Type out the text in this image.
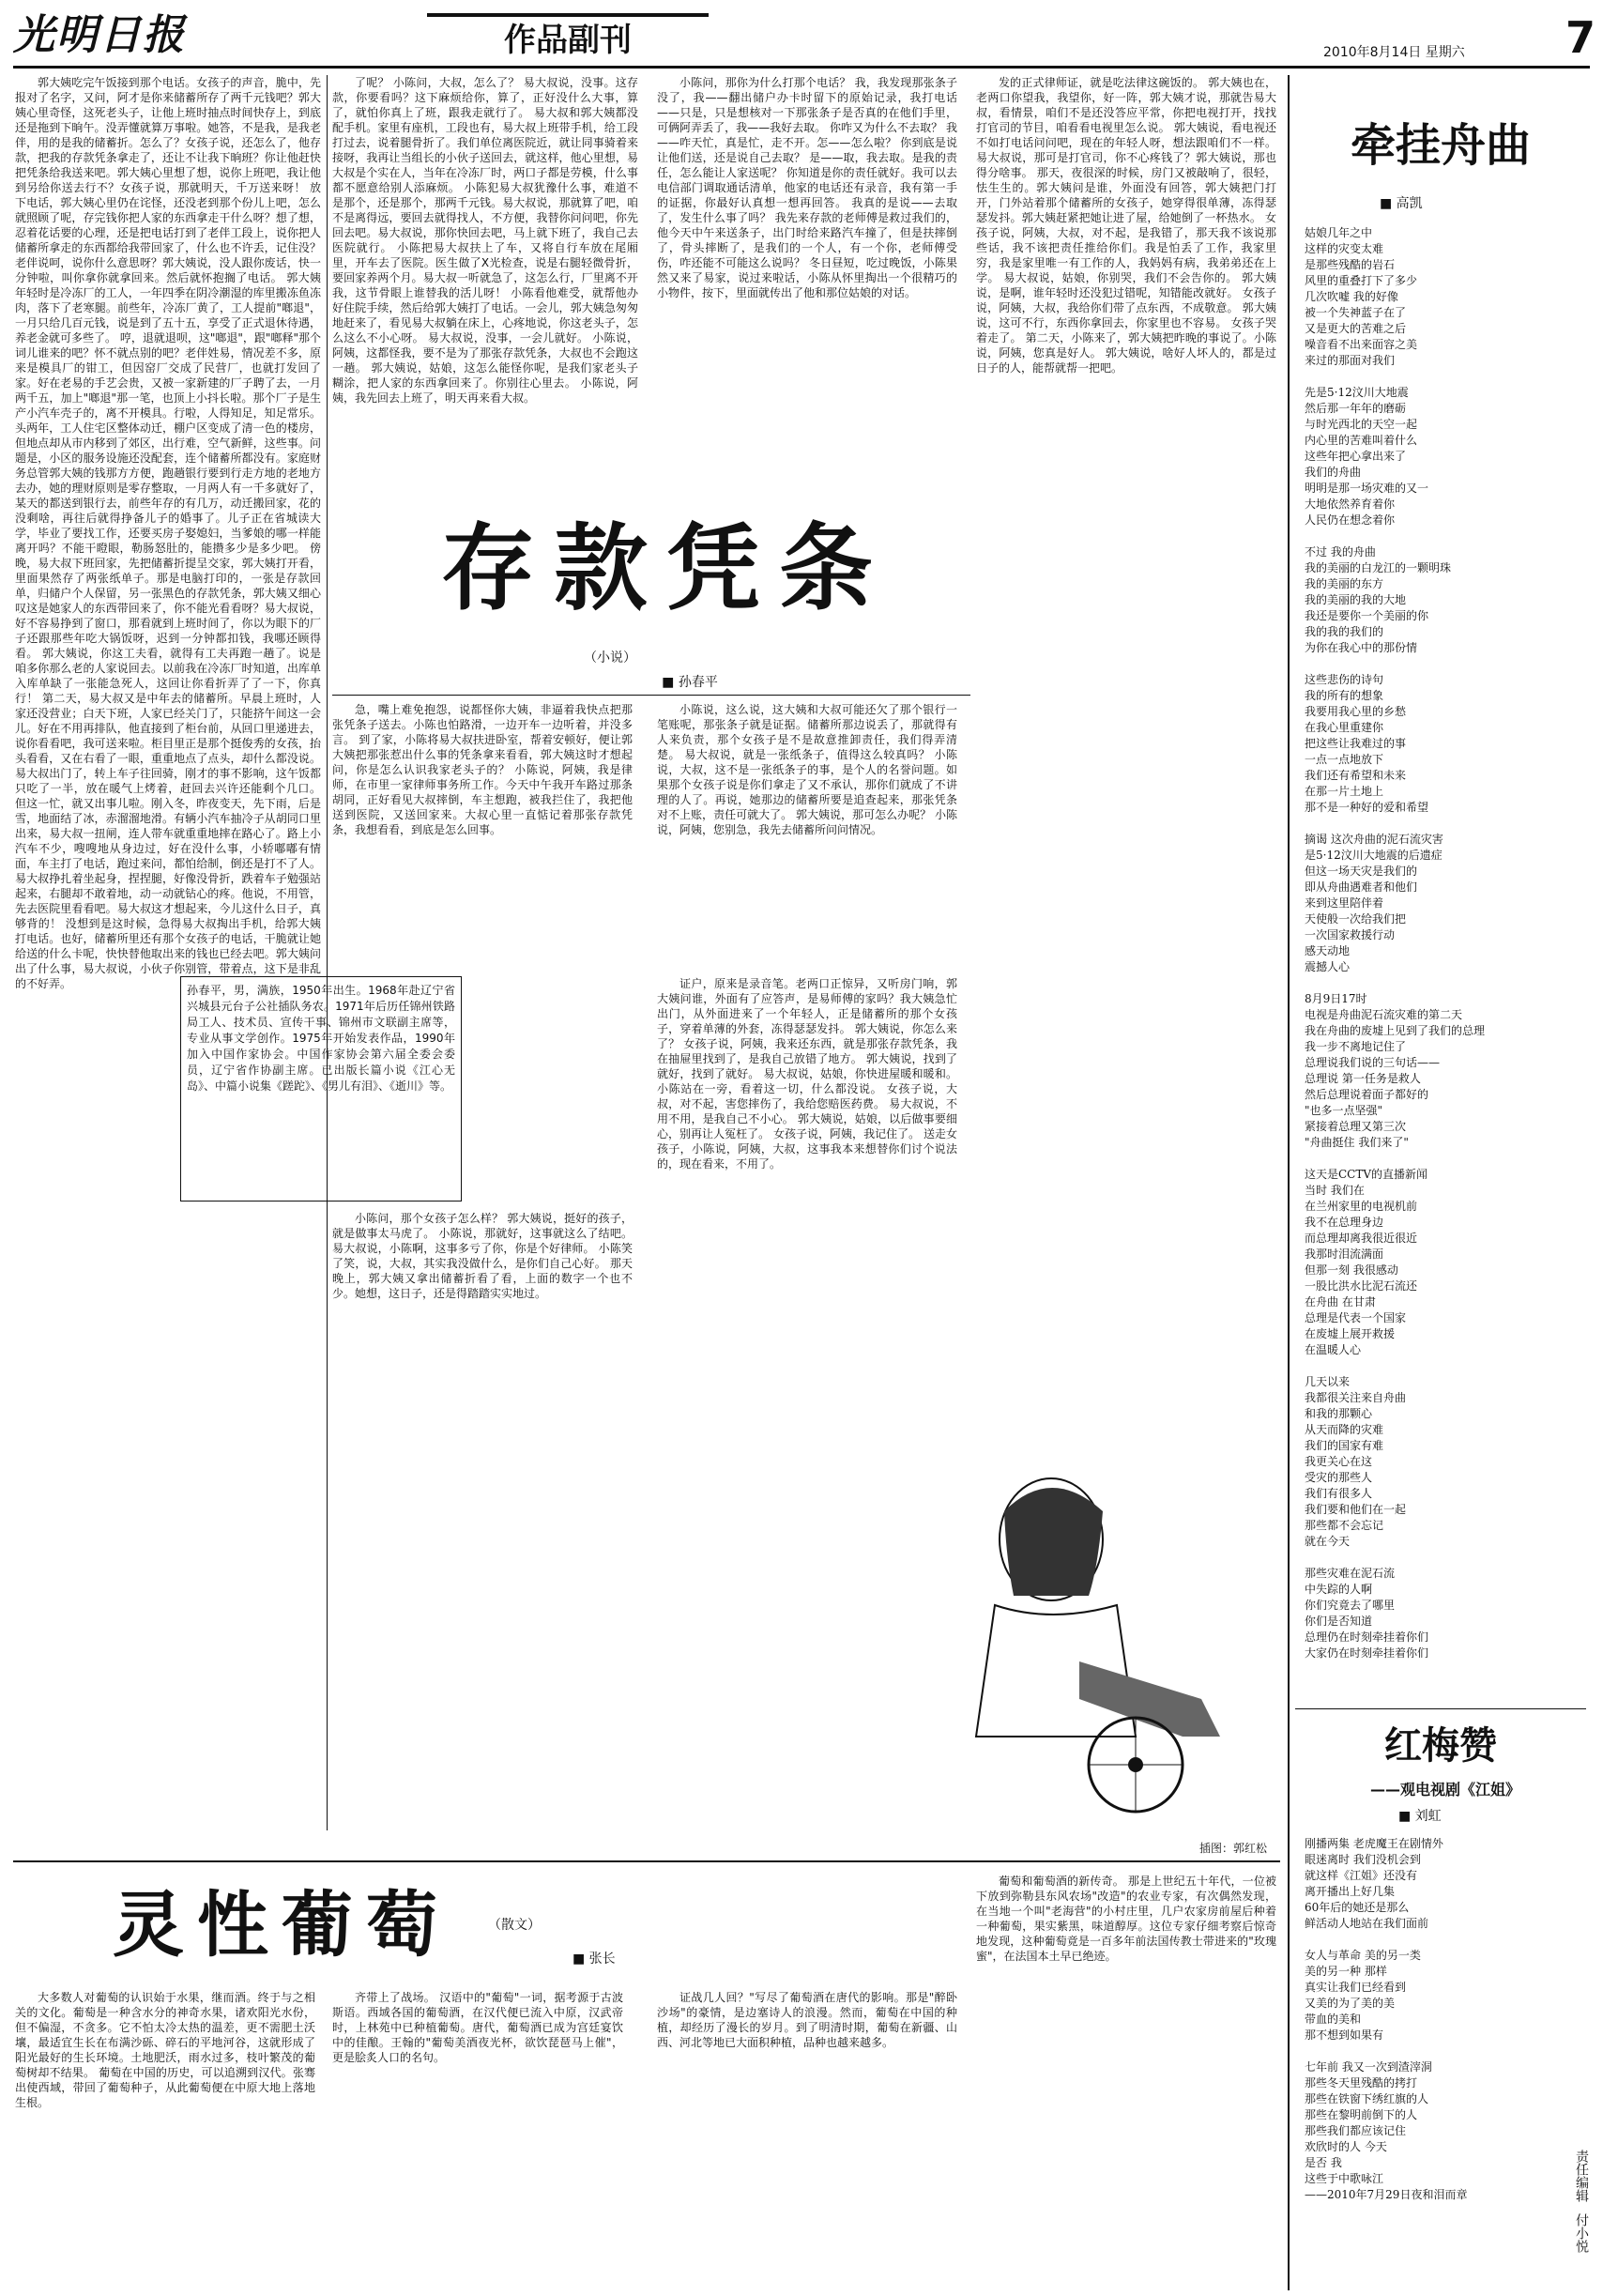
光明日报	作品副刊	2010年8月14日 星期六	7

郭大姨吃完午饭接到那个电话。女孩子的声音，脆中，先报对了名字，又问，阿才是你来储蓄所存了两千元钱吧？郭大姨心里奇怪，这死老头子，让他上班时抽点时间快存上，到底还是拖到下晌午。没弄懂就算万事啦。她答，不是我，是我老伴，用的是我的储蓄折。怎么了？女孩子说，还怎么了，他存款，把我的存款凭条拿走了，还让不让我下晌班？你让他赶快把凭条给我送来吧。郭大姨心里想了想，说你上班吧，我让他到另给你送去行不？女孩子说，那就明天，千万送来呀！ 放下电话，郭大姨心里仍在诧怪，还没老到那个份儿上吧，怎么就照顾了呢，存完钱你把人家的东西拿走干什么呀？想了想，忍着花话要的心理，还是把电话打到了老伴工段上，说你把人储蓄所拿走的东西都给我带回家了，什么也不许丢，记住没？老伴说呵，说你什么意思呀？郭大姨说，没人跟你废话，快一分钟啦，叫你拿你就拿回来。然后就怀抱搁了电话。 郭大姨年轻时是冷冻厂的工人，一年四季在阴冷潮湿的库里搬冻鱼冻肉，落下了老寒腿。前些年，冷冻厂黄了，工人提前"啷退"，一月只给几百元钱，说是到了五十五，享受了正式退休待遇，养老金就可多些了。 哼，退就退呗，这"啷退"，跟"啷释"那个词儿谁来的吧？怀不就点别的吧？老伴姓易，情况差不多，原来是模具厂的钳工，但因窑厂交成了民营厂，也就打发回了家。好在老易的手艺会贵，又被一家新建的厂子聘了去，一月两千五，加上"啷退"那一笔，也顶上小抖长啦。那个厂子是生产小汽车壳子的，离不开模具。行啦，人得知足，知足常乐。头两年，工人住宅区整体动迁，棚户区变成了清一色的楼房，但地点却从市内移到了郊区，出行难，空气新鲜，这些事。问题是，小区的服务设施还没配套，连个储蓄所都没有。家庭财务总管郭大姨的钱那方方便，跑趟银行要到行走方地的老地方去办，她的理财原则是零存整取，一月两人有一千多就好了，某天的都送到银行去，前些年存的有几万，动迁搬回家，花的没剩啥，再往后就得挣备儿子的婚事了。儿子正在省城读大学，毕业了要找工作，还要买房子娶媳妇，当爹娘的哪一样能离开吗？不能干瞪眼，勒肠怒肚的，能攒多少是多少吧。 傍晚，易大叔下班回家，先把储蓄折提呈交家，郭大姨打开看，里面果然存了两张纸单子。那是电脑打印的，一张是存款回单，归储户个人保留，另一张黑色的存款凭条，郭大姨又细心叹这是她家人的东西带回来了，你不能光看看呀？易大叔说，好不容易挣到了窗口，那看就到上班时间了，你以为眼下的厂子还跟那些年吃大锅饭呀，迟到一分钟都扣钱，我哪还顾得看。 郭大姨说，你这工夫看，就得有工夫再跑一趟了。说是咱多你那么老的人家说回去。以前我在冷冻厂时知道，出库单入库单缺了一张能急死人，这回让你看折弄了了一下，你真行！ 第二天，易大叔又是中年去的储蓄所。早晨上班时，人家还没营业；白天下班，人家已经关门了，只能挤午间这一会儿。好在不用再排队，他直接到了柜台前，从回口里递进去，说你看看吧，我可送来啦。柜目里正是那个挺俊秀的女孩，抬头看看，又在右看了一眼，重重地点了点头，却什么都没说。易大叔出门了，转上车子往回骑，刚才的事不影响，这午饭都只吃了一半，放在暖气上烤着，赶回去兴许还能剩个几口。 但这一忙，就又出事儿啦。刚入冬，昨夜变天，先下雨，后是雪，地面结了冰，赤溜溜地滑。有辆小汽车抽冷子从胡同口里出来，易大叔一扭闸，连人带车就重重地摔在路心了。路上小汽车不少，嗖嗖地从身边过，好在没什么事，小轿嘟嘟有情面，车主打了电话，跑过来问，都怕给制，倒还是打不了人。易大叔挣扎着坐起身，捏捏腿，好像没骨折，跌着车子勉强站起来，右腿却不敢着地，动一动就钻心的疼。他说，不用管，先去医院里看看吧。易大叔这才想起来，今儿这什么日子，真够背的！ 没想到是这时候，急得易大叔掏出手机，给郭大姨打电话。也好，储蓄所里还有那个女孩子的电话，干脆就让她给送的什么卡呢，快快替他取出来的钱也已经去吧。郭大姨问出了什么事，易大叔说，小伙子你别管，带着点，这下是非乱的不好弄。

了呢？ 小陈问，大叔，怎么了？ 易大叔说，没事。这存款，你要看吗？这下麻烦给你，算了，正好没什么大事，算了，就怕你真上了班，跟我走就行了。 易大叔和郭大姨都没配手机。家里有座机，工段也有，易大叔上班带手机，给工段打过去，说着腿骨折了。我们单位离医院近，就让同事骑着来接呀，我再让当组长的小伙子送回去，就这样，他心里想，易大叔是个实在人，当年在冷冻厂时，两口子都是劳模，什么事都不愿意给别人添麻烦。 小陈犯易大叔犹豫什么事，难道不是那个，还是那个，那两千元钱。易大叔说，那就算了吧，咱不是离得远，要回去就得找人，不方便，我替你问问吧，你先回去吧。易大叔说，那你快回去吧，马上就下班了，我自己去医院就行。 小陈把易大叔扶上了车，又将自行车放在尾厢里，开车去了医院。医生做了X光检查，说是右腿轻微骨折，要回家养两个月。易大叔一听就急了，这怎么行，厂里离不开我，这节骨眼上谁替我的活儿呀！ 小陈看他难受，就帮他办好住院手续，然后给郭大姨打了电话。一会儿，郭大姨急匆匆地赶来了，看见易大叔躺在床上，心疼地说，你这老头子，怎么这么不小心呀。 易大叔说，没事，一会儿就好。 小陈说，阿姨，这都怪我，要不是为了那张存款凭条，大叔也不会跑这一趟。 郭大姨说，姑娘，这怎么能怪你呢，是我们家老头子糊涂，把人家的东西拿回来了。你别往心里去。 小陈说，阿姨，我先回去上班了，明天再来看大叔。

小陈问，那你为什么打那个电话？ 我，我发现那张条子没了，我——翻出储户办卡时留下的原始记录，我打电话——只是，只是想核对一下那张条子是否真的在他们手里，可俩阿弄丢了，我——我好去取。 你咋又为什么不去取？ 我——咋天忙，真是忙，走不开。怎——怎么啦？ 你到底是说让他们送，还是说自己去取？ 是——取，我去取。是我的责任，怎么能让人家送呢？ 你知道是你的责任就好。我可以去电信部门调取通话清单，他家的电话还有录音，我有第一手的证据，你最好认真想一想再回答。 我真的是说——去取了，发生什么事了吗？ 我先来存款的老师傅是救过我们的，他今天中午来送条子，出门时给来路汽车撞了，但是扶摔倒了，骨头摔断了，是我们的一个人，有一个你，老师傅受伤，咋还能不可能这么说吗？ 冬日昼短，吃过晚饭，小陈果然又来了易家，说过来啦话，小陈从怀里掏出一个很精巧的小物件，按下，里面就传出了他和那位姑娘的对话。

发的正式律师证，就是吃法律这碗饭的。 郭大姨也在，老两口你望我，我望你，好一阵，郭大姨才说，那就告易大叔，看情景，咱们不是还没答应平常，你把电视打开，找找打官司的节目，咱看看电视里怎么说。 郭大姨说，看电视还不如打电话问问吧，现在的年轻人呀，想法跟咱们不一样。易大叔说，那可是打官司，你不心疼钱了？郭大姨说，那也得分啥事。 那天，夜很深的时候，房门又被敲响了，很轻，怯生生的。郭大姨问是谁，外面没有回答，郭大姨把门打开，门外站着那个储蓄所的女孩子，她穿得很单薄，冻得瑟瑟发抖。郭大姨赶紧把她让进了屋，给她倒了一杯热水。 女孩子说，阿姨，大叔，对不起，是我错了，那天我不该说那些话，我不该把责任推给你们。我是怕丢了工作，我家里穷，我是家里唯一有工作的人，我妈妈有病，我弟弟还在上学。 易大叔说，姑娘，你别哭，我们不会告你的。 郭大姨说，是啊，谁年轻时还没犯过错呢，知错能改就好。 女孩子说，阿姨，大叔，我给你们带了点东西，不成敬意。 郭大姨说，这可不行，东西你拿回去，你家里也不容易。 女孩子哭着走了。 第二天，小陈来了，郭大姨把昨晚的事说了。小陈说，阿姨，您真是好人。 郭大姨说，啥好人坏人的，都是过日子的人，能帮就帮一把吧。

存款凭条
（小说）
■ 孙春平

急，嘴上难免抱怨，说都怪你大姨，非逼着我快点把那张凭条子送去。小陈也怕路滑，一边开车一边听着，并没多言。 到了家，小陈将易大叔扶进卧室，帮着安顿好，便让郭大姨把那张惹出什么事的凭条拿来看看，郭大姨这时才想起问，你是怎么认识我家老头子的？ 小陈说，阿姨，我是律师，在市里一家律师事务所工作。今天中午我开车路过那条胡同，正好看见大叔摔倒，车主想跑，被我拦住了，我把他送到医院，又送回家来。大叔心里一直惦记着那张存款凭条，我想看看，到底是怎么回事。

小陈说，这么说，这大姨和大叔可能还欠了那个银行一笔账呢，那张条子就是证据。储蓄所那边说丢了，那就得有人来负责，那个女孩子是不是故意推卸责任，我们得弄清楚。 易大叔说，就是一张纸条子，值得这么较真吗？ 小陈说，大叔，这不是一张纸条子的事，是个人的名誉问题。如果那个女孩子说是你们拿走了又不承认，那你们就成了不讲理的人了。再说，她那边的储蓄所要是追查起来，那张凭条对不上账，责任可就大了。 郭大姨说，那可怎么办呢？ 小陈说，阿姨，您别急，我先去储蓄所问问情况。

孙春平，男，满族，1950年出生。1968年赴辽宁省兴城县元台子公社插队务农。1971年后历任锦州铁路局工人、技术员、宣传干事、锦州市文联副主席等，专业从事文学创作。1975年开始发表作品，1990年加入中国作家协会。中国作家协会第六届全委会委员，辽宁省作协副主席。已出版长篇小说《江心无岛》、中篇小说集《蹉跎》、《男儿有泪》、《逝川》等。

证户，原来是录音笔。老两口正惊异，又听房门响，郭大姨问谁，外面有了应答声，是易师傅的家吗？我大姨急忙出门，从外面进来了一个年轻人，正是储蓄所的那个女孩子，穿着单薄的外套，冻得瑟瑟发抖。 郭大姨说，你怎么来了？ 女孩子说，阿姨，我来还东西，就是那张存款凭条，我在抽屉里找到了，是我自己放错了地方。 郭大姨说，找到了就好，找到了就好。 易大叔说，姑娘，你快进屋暖和暖和。 小陈站在一旁，看着这一切，什么都没说。 女孩子说，大叔，对不起，害您摔伤了，我给您赔医药费。 易大叔说，不用不用，是我自己不小心。 郭大姨说，姑娘，以后做事要细心，别再让人冤枉了。 女孩子说，阿姨，我记住了。 送走女孩子，小陈说，阿姨，大叔，这事我本来想替你们讨个说法的，现在看来，不用了。

小陈问，那个女孩子怎么样？ 郭大姨说，挺好的孩子，就是做事太马虎了。 小陈说，那就好，这事就这么了结吧。 易大叔说，小陈啊，这事多亏了你，你是个好律师。 小陈笑了笑，说，大叔，其实我没做什么，是你们自己心好。 那天晚上，郭大姨又拿出储蓄折看了看，上面的数字一个也不少。她想，这日子，还是得踏踏实实地过。

插图：郭红松
灵性葡萄	（散文）
■ 张长

大多数人对葡萄的认识始于水果，继而酒。终于与之相关的文化。葡萄是一种含水分的神奇水果，诸欢阳光水份，但不偏湿，不贪多。它不怕太冷太热的温差，更不需肥土沃壤，最适宜生长在布满沙砾、碎石的平地河谷，这就形成了阳光最好的生长环境。土地肥沃，雨水过多，枝叶繁茂的葡萄树却不结果。 葡萄在中国的历史，可以追溯到汉代。张骞出使西域，带回了葡萄种子，从此葡萄便在中原大地上落地生根。

齐带上了战场。 汉语中的"葡萄"一词，据考源于古波斯语。西域各国的葡萄酒，在汉代便已流入中原，汉武帝时，上林苑中已种植葡萄。唐代，葡萄酒已成为宫廷宴饮中的佳酿。王翰的"葡萄美酒夜光杯，欲饮琵琶马上催"，更是脍炙人口的名句。

证战几人回？"写尽了葡萄酒在唐代的影响。那是"醉卧沙场"的豪情，是边塞诗人的浪漫。然而，葡萄在中国的种植，却经历了漫长的岁月。到了明清时期，葡萄在新疆、山西、河北等地已大面积种植，品种也越来越多。

葡萄和葡萄酒的新传奇。 那是上世纪五十年代，一位被下放到弥勒县东风农场"改造"的农业专家，有次偶然发现，在当地一个叫"老海营"的小村庄里，几户农家房前屋后种着一种葡萄，果实紫黑，味道醇厚。这位专家仔细考察后惊奇地发现，这种葡萄竟是一百多年前法国传教士带进来的"玫瑰蜜"，在法国本土早已绝迹。

牵挂舟曲
■ 高凯
姑娘几年之中
这样的灾变太难
是那些残酷的岩石
风里的重叠打下了多少
几次吹嘘 我的好像
被一个失神蓝子在了
又是更大的苦难之后
噪音看不出来面容之美
来过的那面对我们

先是5·12汶川大地震
然后那一年年的磨砺
与时光西北的天空一起
内心里的苦难叫着什么
这些年把心拿出来了
我们的舟曲
明明是那一场灾难的又一
大地依然养育着你
人民仍在想念着你

不过 我的舟曲
我的美丽的白龙江的一颗明珠
我的美丽的东方
我的美丽的我的大地
我还是要你一个美丽的你
我的我的我们的
为你在我心中的那份情

这些悲伤的诗句
我的所有的想象
我要用我心里的乡愁
在我心里重建你
把这些让我难过的事
一点一点地放下
我们还有希望和未来
在那一片土地上
那不是一种好的爱和希望

摘谒 这次舟曲的泥石流灾害
是5·12汶川大地震的后遗症
但这一场天灾是我们的
即从舟曲遇难者和他们
来到这里陪伴着
天使般一次给我们把
一次国家救援行动
感天动地
震撼人心

8月9日17时
电视是舟曲泥石流灾难的第二天
我在舟曲的废墟上见到了我们的总理
我一步不离地记住了
总理说我们说的三句话——
总理说 第一任务是救人
然后总理说着面子都好的
"也多一点坚强"
紧接着总理又第三次
"舟曲挺住 我们来了"

这天是CCTV的直播新闻
当时 我们在
在兰州家里的电视机前
我不在总理身边
而总理却离我很近很近
我那时泪流满面
但那一刻 我很感动
一股比洪水比泥石流还
在舟曲 在甘肃
总理是代表一个国家
在废墟上展开救援
在温暖人心

几天以来
我都很关注来自舟曲
和我的那颗心
从天而降的灾难
我们的国家有难
我更关心在这
受灾的那些人
我们有很多人
我们要和他们在一起
那些都不会忘记
就在今天

那些灾难在泥石流
中失踪的人啊
你们究竟去了哪里
你们是否知道
总理仍在时刻牵挂着你们
大家仍在时刻牵挂着你们
红梅赞
——观电视剧《江姐》
■ 刘虹
刚播两集 老虎魔王在剧情外
眼迷离时 我们没机会到
就这样《江姐》还没有
离开播出上好几集
60年后的她还是那么
鲜活动人地站在我们面前

女人与革命 美的另一类
美的另一种 那样
真实让我们已经看到
又美的为了美的美
带血的美和
那不想到如果有

七年前 我又一次到渣滓洞
那些冬天里残酷的拷打
那些在铁窗下绣红旗的人
那些在黎明前倒下的人
那些我们都应该记住
欢欣时的人 今天
是否 我
这些于中歌咏江
——2010年7月29日夜和泪而章	责任编辑 付小悦
